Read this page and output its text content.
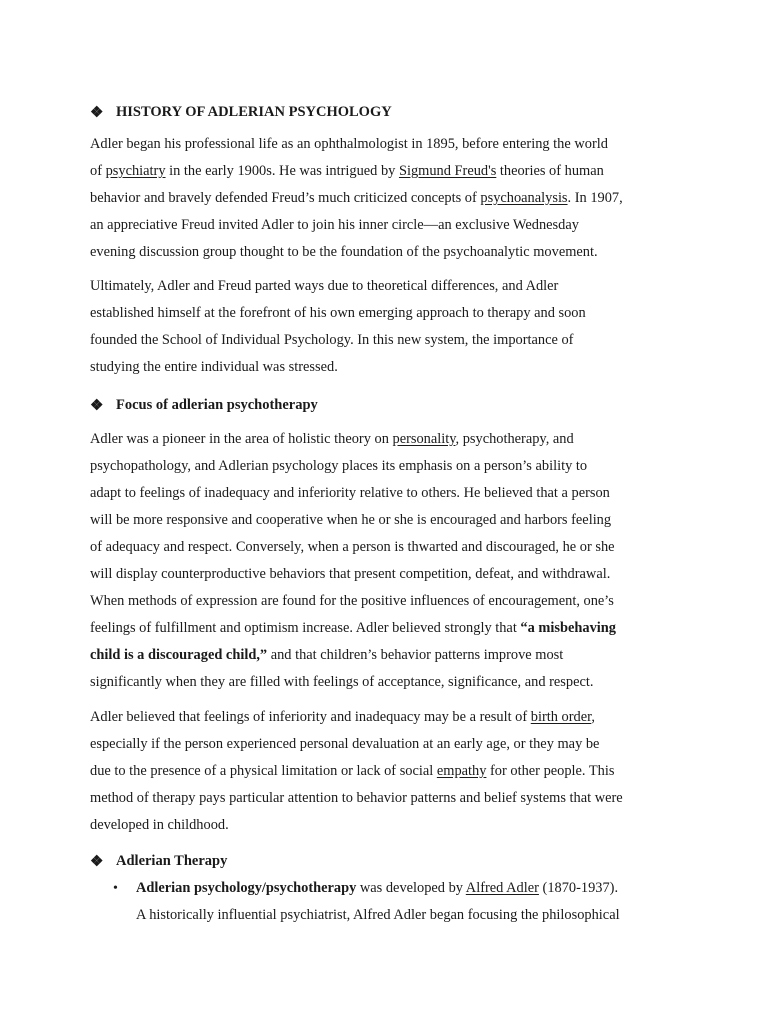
❖ HISTORY OF ADLERIAN PSYCHOLOGY
Adler began his professional life as an ophthalmologist in 1895, before entering the world
of psychiatry in the early 1900s. He was intrigued by Sigmund Freud's theories of human
behavior and bravely defended Freud’s much criticized concepts of psychoanalysis. In 1907,
an appreciative Freud invited Adler to join his inner circle—an exclusive Wednesday
evening discussion group thought to be the foundation of the psychoanalytic movement.
Ultimately, Adler and Freud parted ways due to theoretical differences, and Adler
established himself at the forefront of his own emerging approach to therapy and soon
founded the School of Individual Psychology. In this new system, the importance of
studying the entire individual was stressed.
❖ Focus of adlerian psychotherapy
Adler was a pioneer in the area of holistic theory on personality, psychotherapy, and
psychopathology, and Adlerian psychology places its emphasis on a person’s ability to
adapt to feelings of inadequacy and inferiority relative to others. He believed that a person
will be more responsive and cooperative when he or she is encouraged and harbors feeling
of adequacy and respect. Conversely, when a person is thwarted and discouraged, he or she
will display counterproductive behaviors that present competition, defeat, and withdrawal.
When methods of expression are found for the positive influences of encouragement, one’s
feelings of fulfillment and optimism increase. Adler believed strongly that “a misbehaving
child is a discouraged child,” and that children’s behavior patterns improve most
significantly when they are filled with feelings of acceptance, significance, and respect.
Adler believed that feelings of inferiority and inadequacy may be a result of birth order,
especially if the person experienced personal devaluation at an early age, or they may be
due to the presence of a physical limitation or lack of social empathy for other people. This
method of therapy pays particular attention to behavior patterns and belief systems that were
developed in childhood.
❖ Adlerian Therapy
• Adlerian psychology/psychotherapy was developed by Alfred Adler (1870-1937).
A historically influential psychiatrist, Alfred Adler began focusing the philosophical
